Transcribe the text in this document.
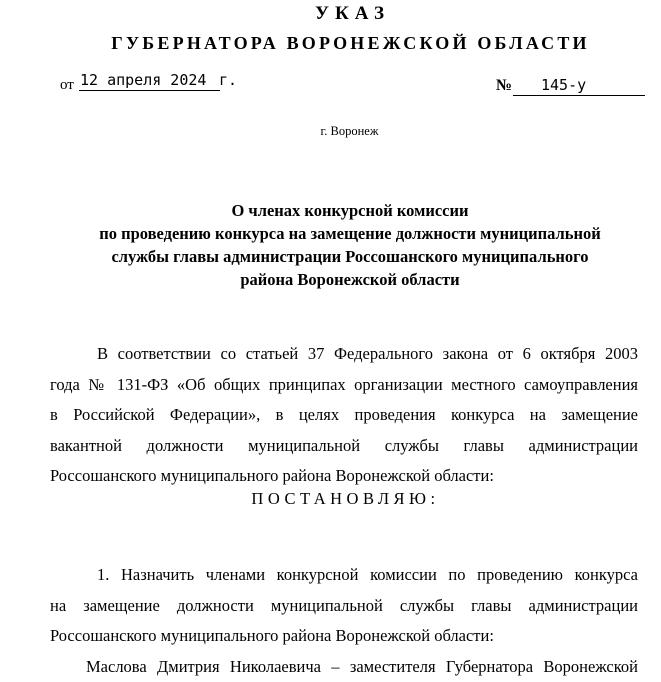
УКАЗ
ГУБЕРНАТОРА ВОРОНЕЖСКОЙ ОБЛАСТИ
от 12 апреля 2024 г.	№	145-у
г. Воронеж
О членах конкурсной комиссии
по проведению конкурса на замещение должности муниципальной
службы главы администрации Россошанского муниципального
района Воронежской области
В соответствии со статьей 37 Федерального закона от 6 октября 2003
года № 131-ФЗ «Об общих принципах организации местного самоуправления
в Российской Федерации», в целях проведения конкурса на замещение
вакантной должности муниципальной службы главы администрации
Россошанского муниципального района Воронежской области:
ПОСТАНОВЛЯЮ:
1. Назначить членами конкурсной комиссии по проведению конкурса
на замещение должности муниципальной службы главы администрации
Россошанского муниципального района Воронежской области:
Маслова Дмитрия Николаевича – заместителя Губернатора Воронежской
